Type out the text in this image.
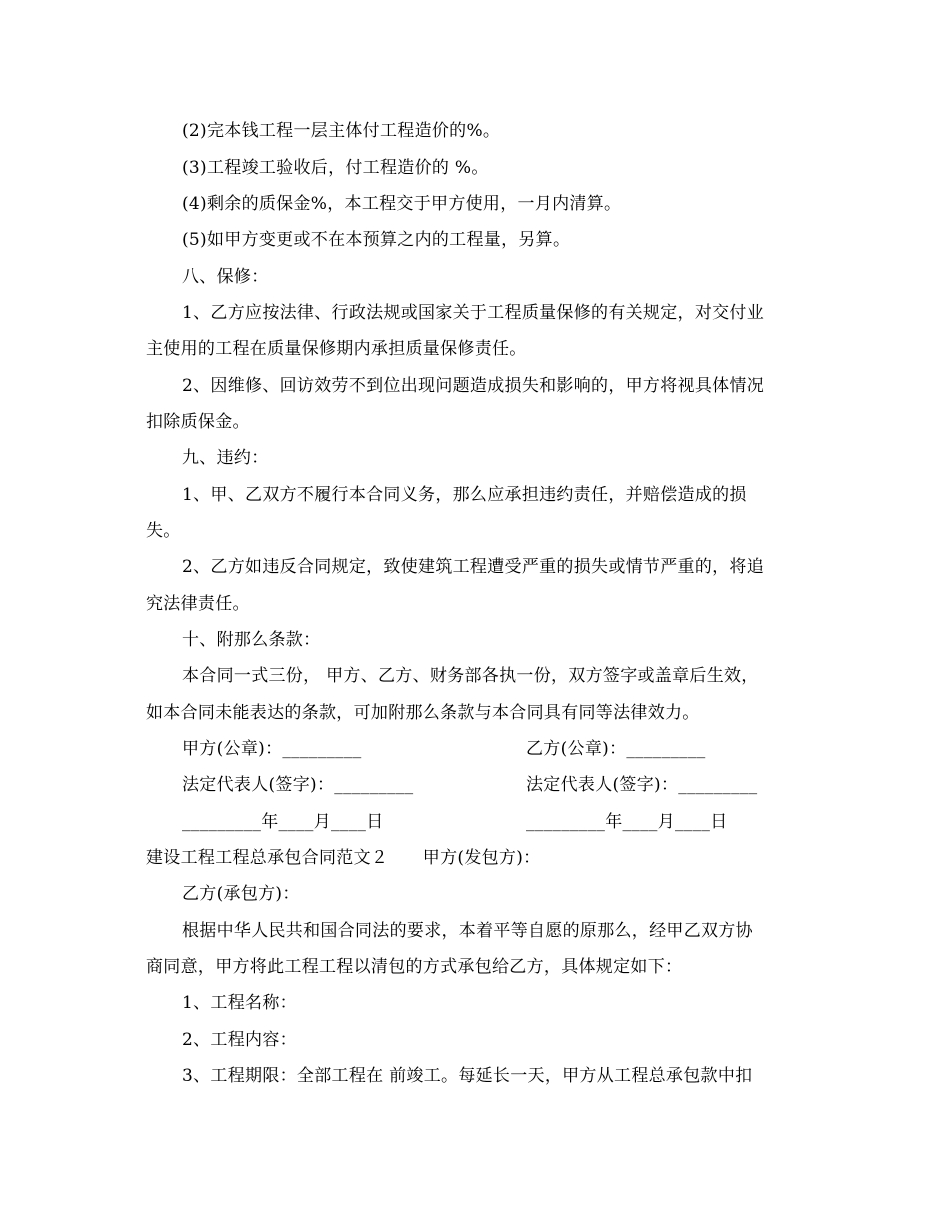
(2)完本钱工程一层主体付工程造价的%。
(3)工程竣工验收后，付工程造价的 %。
(4)剩余的质保金%，本工程交于甲方使用，一月内清算。
(5)如甲方变更或不在本预算之内的工程量，另算。
八、保修：
1、乙方应按法律、行政法规或国家关于工程质量保修的有关规定，对交付业
主使用的工程在质量保修期内承担质量保修责任。
2、因维修、回访效劳不到位出现问题造成损失和影响的，甲方将视具体情况
扣除质保金。
九、违约：
1、甲、乙双方不履行本合同义务，那么应承担违约责任，并赔偿造成的损
失。
2、乙方如违反合同规定，致使建筑工程遭受严重的损失或情节严重的，将追
究法律责任。
十、附那么条款：
本合同一式三份， 甲方、乙方、财务部各执一份，双方签字或盖章后生效，
如本合同未能表达的条款，可加附那么条款与本合同具有同等法律效力。
甲方(公章)：_________	乙方(公章)：_________
法定代表人(签字)：_________	法定代表人(签字)：_________
_________年____月____日	_________年____月____日
建设工程工程总承包合同范文２　　甲方(发包方)：
乙方(承包方)：
根据中华人民共和国合同法的要求，本着平等自愿的原那么，经甲乙双方协
商同意，甲方将此工程工程以清包的方式承包给乙方，具体规定如下：
1、工程名称：
2、工程内容：
3、工程期限：全部工程在 前竣工。每延长一天，甲方从工程总承包款中扣
